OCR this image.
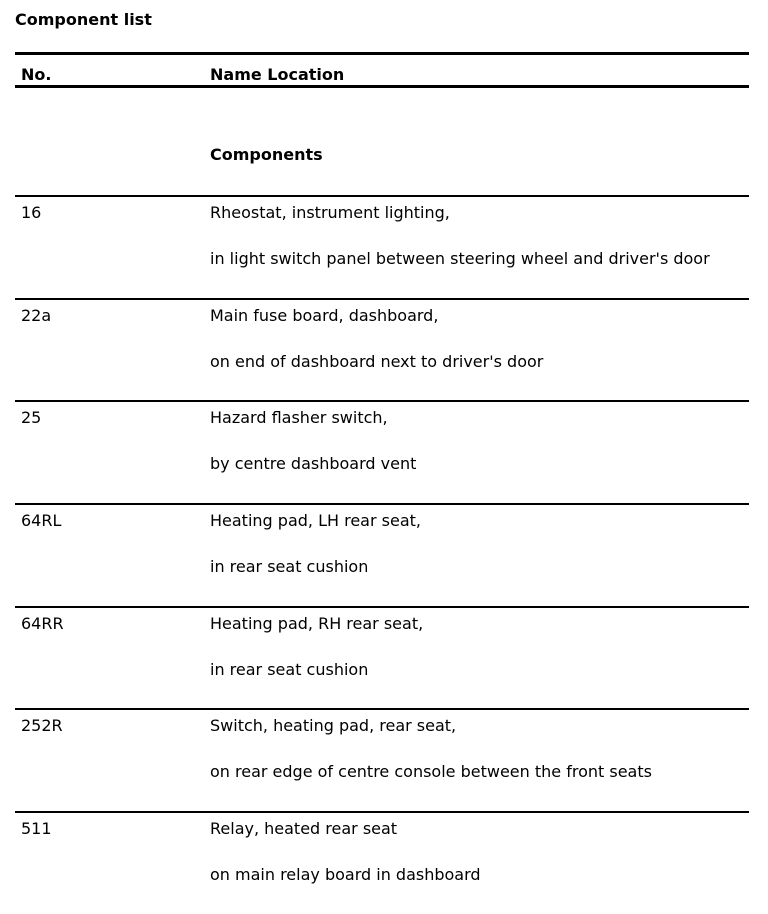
Component list
No.	Name Location
Components
16	Rheostat, instrument lighting,
in light switch panel between steering wheel and driver's door
22a	Main fuse board, dashboard,
on end of dashboard next to driver's door
25	Hazard flasher switch,
by centre dashboard vent
64RL	Heating pad, LH rear seat,
in rear seat cushion
64RR	Heating pad, RH rear seat,
in rear seat cushion
252R	Switch, heating pad, rear seat,
on rear edge of centre console between the front seats
511	Relay, heated rear seat
on main relay board in dashboard
